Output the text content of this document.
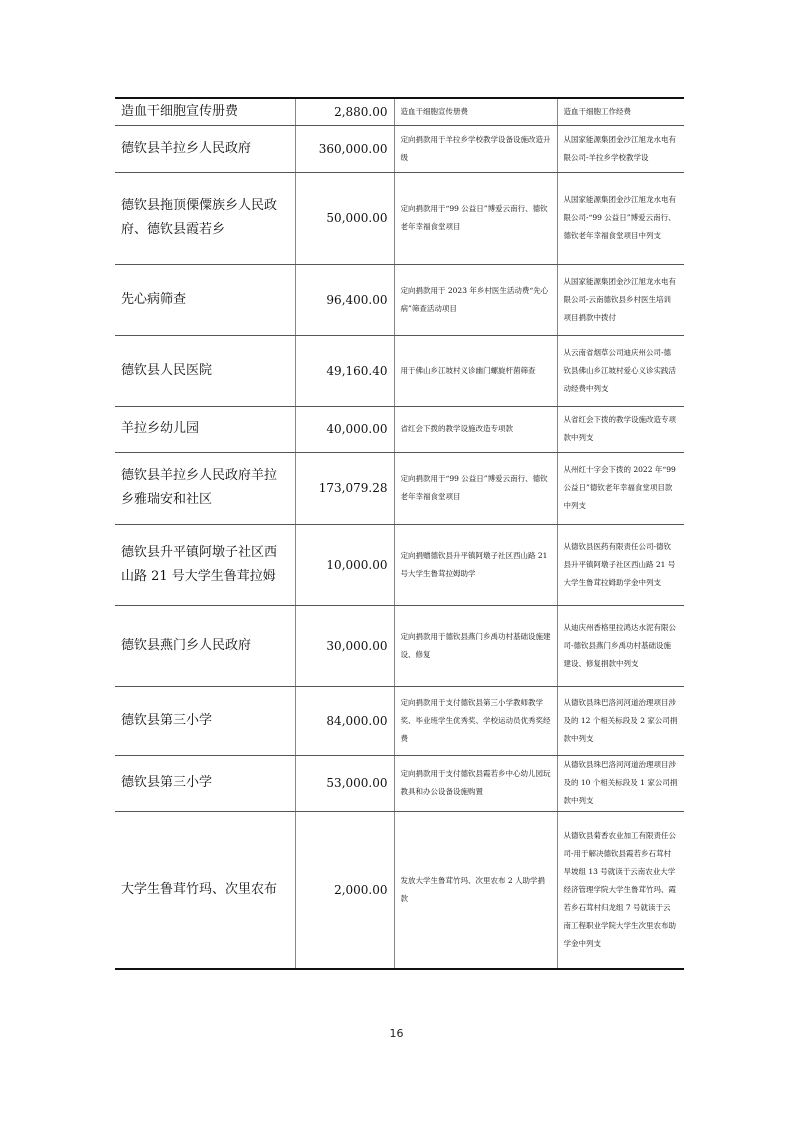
造血干细胞宣传册费	2,880.00	造血干细胞宣传册费	造血干细胞工作经费
德钦县羊拉乡人民政府	360,000.00	定向捐款用于羊拉乡学校教学设备设施改造升级	从国家能源集团金沙江旭龙水电有限公司-羊拉乡学校教学设
德钦县拖顶傈僳族乡人民政府、德钦县霞若乡	50,000.00	定向捐款用于“99 公益日”博爱云南行、德钦老年幸福食堂项目	从国家能源集团金沙江旭龙水电有限公司-“99 公益日”博爱云南行、德钦老年幸福食堂项目中列支
先心病筛查	96,400.00	定向捐款用于 2023 年乡村医生活动费“先心病”筛查活动项目	从国家能源集团金沙江旭龙水电有限公司-云南德钦县乡村医生培训项目捐款中拨付
德钦县人民医院	49,160.40	用于佛山乡江坡村义诊幽门螺旋杆菌筛查	从云南省烟草公司迪庆州公司-德钦县佛山乡江坡村爱心义诊实践活动经费中列支
羊拉乡幼儿园	40,000.00	省红会下拨的教学设施改造专项款	从省红会下拨的教学设施改造专项款中列支
德钦县羊拉乡人民政府羊拉乡雅瑞安和社区	173,079.28	定向捐款用于“99 公益日”博爱云南行、德钦老年幸福食堂项目	从州红十字会下拨的 2022 年“99 公益日”德钦老年幸福食堂项目款中列支
德钦县升平镇阿墩子社区西山路 21 号大学生鲁茸拉姆	10,000.00	定向捐赠德钦县升平镇阿墩子社区西山路 21 号大学生鲁茸拉姆助学	从德钦县医药有限责任公司-德钦县升平镇阿墩子社区西山路 21 号大学生鲁茸拉姆助学金中列支
德钦县燕门乡人民政府	30,000.00	定向捐款用于德钦县燕门乡禹功村基础设施建设、修复	从迪庆州香格里拉鸿达水泥有限公司-德钦县燕门乡禹功村基础设施建设、修复捐款中列支
德钦县第三小学	84,000.00	定向捐款用于支付德钦县第三小学教师教学奖、毕业班学生优秀奖、学校运动员优秀奖经费	从德钦县珠巴洛河河道治理项目涉及的 12 个相关标段及 2 家公司捐款中列支
德钦县第三小学	53,000.00	定向捐款用于支付德钦县霞若乡中心幼儿园玩教具和办公设备设施购置	从德钦县珠巴洛河河道治理项目涉及的 10 个相关标段及 1 家公司捐款中列支
大学生鲁茸竹玛、次里农布	2,000.00	发放大学生鲁茸竹玛、次里农布 2 人助学捐款	从德钦县菊香农业加工有限责任公司-用于解决德钦县霞若乡石茸村旱坡组 13 号就读于云南农业大学经济管理学院大学生鲁茸竹玛、霞若乡石茸村归龙组 7 号就读于云南工程职业学院大学生次里农布助学金中列支
16
